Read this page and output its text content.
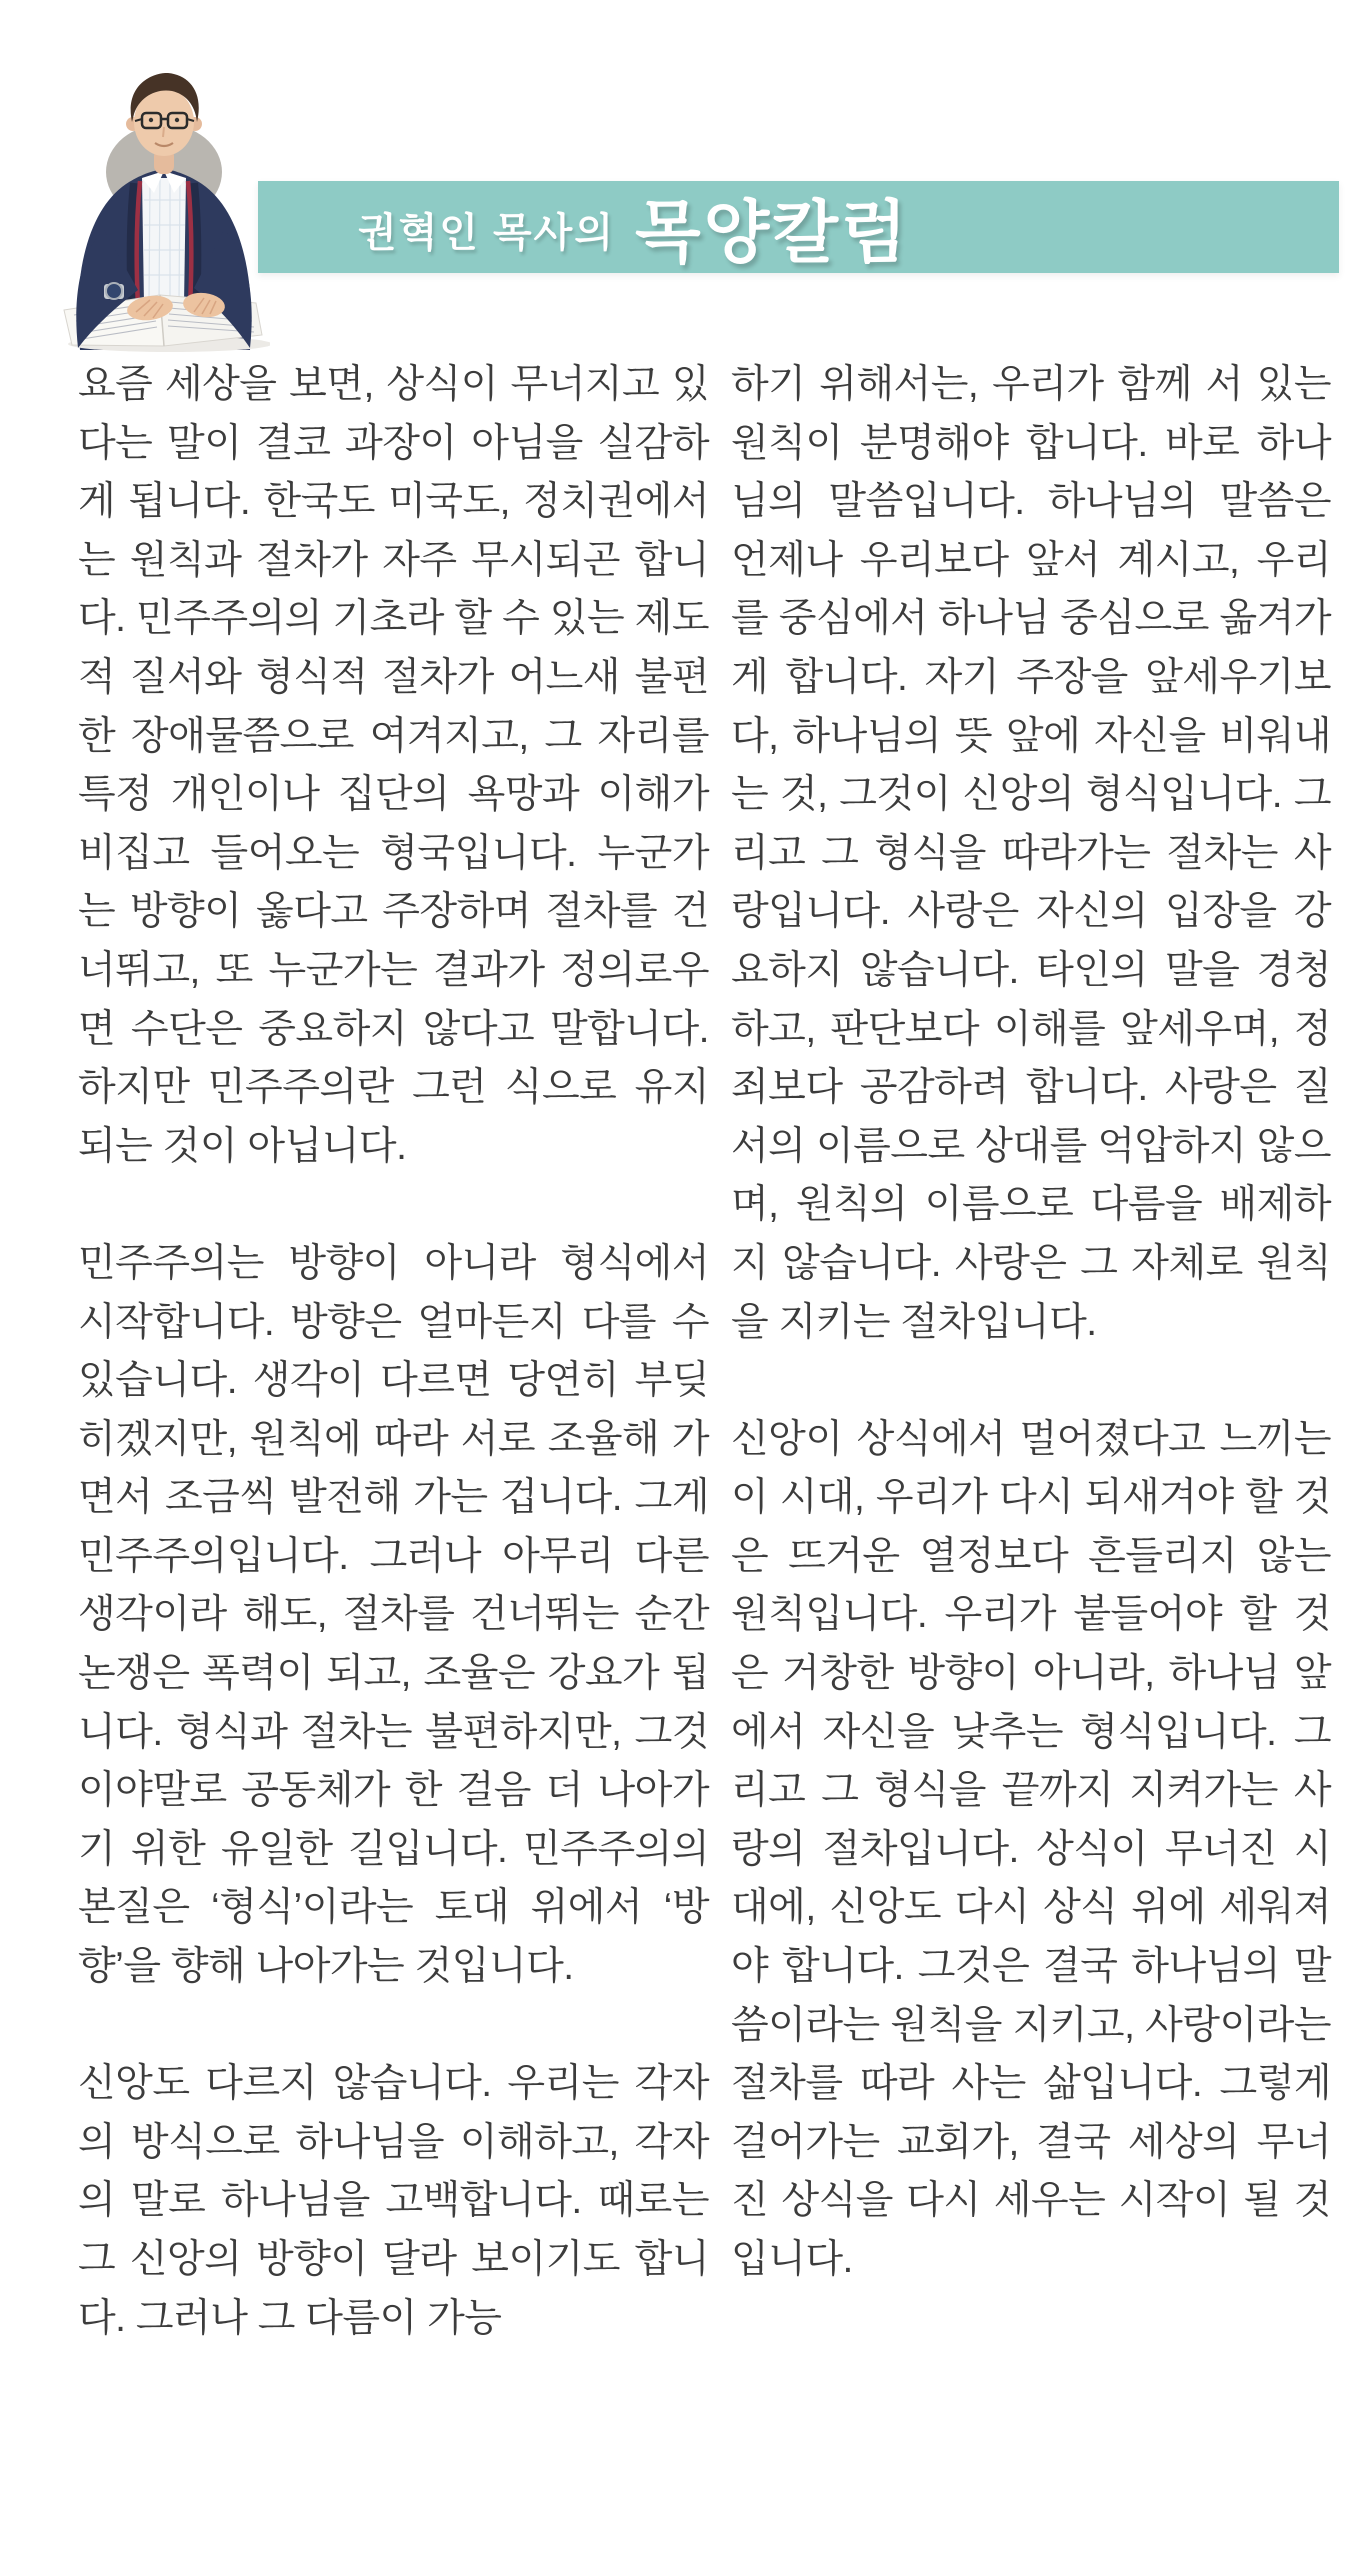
권혁인 목사의 목양칼럼

요즘 세상을 보면, 상식이 무너지고 있다는 말이 결코 과장이 아님을 실감하게 됩니다. 한국도 미국도, 정치권에서는 원칙과 절차가 자주 무시되곤 합니다. 민주주의의 기초라 할 수 있는 제도적 질서와 형식적 절차가 어느새 불편한 장애물쯤으로 여겨지고, 그 자리를 특정 개인이나 집단의 욕망과 이해가 비집고 들어오는 형국입니다. 누군가는 방향이 옳다고 주장하며 절차를 건너뛰고, 또 누군가는 결과가 정의로우면 수단은 중요하지 않다고 말합니다. 하지만 민주주의란 그런 식으로 유지되는 것이 아닙니다.

민주주의는 방향이 아니라 형식에서 시작합니다. 방향은 얼마든지 다를 수 있습니다. 생각이 다르면 당연히 부딪히겠지만, 원칙에 따라 서로 조율해 가면서 조금씩 발전해 가는 겁니다. 그게 민주주의입니다. 그러나 아무리 다른 생각이라 해도, 절차를 건너뛰는 순간 논쟁은 폭력이 되고, 조율은 강요가 됩니다. 형식과 절차는 불편하지만, 그것이야말로 공동체가 한 걸음 더 나아가기 위한 유일한 길입니다. 민주주의의 본질은 ‘형식’이라는 토대 위에서 ‘방향’을 향해 나아가는 것입니다.

신앙도 다르지 않습니다. 우리는 각자의 방식으로 하나님을 이해하고, 각자의 말로 하나님을 고백합니다. 때로는 그 신앙의 방향이 달라 보이기도 합니다. 그러나 그 다름이 가능

하기 위해서는, 우리가 함께 서 있는 원칙이 분명해야 합니다. 바로 하나님의 말씀입니다. 하나님의 말씀은 언제나 우리보다 앞서 계시고, 우리를 중심에서 하나님 중심으로 옮겨가게 합니다. 자기 주장을 앞세우기보다, 하나님의 뜻 앞에 자신을 비워내는 것, 그것이 신앙의 형식입니다. 그리고 그 형식을 따라가는 절차는 사랑입니다. 사랑은 자신의 입장을 강요하지 않습니다. 타인의 말을 경청하고, 판단보다 이해를 앞세우며, 정죄보다 공감하려 합니다. 사랑은 질서의 이름으로 상대를 억압하지 않으며, 원칙의 이름으로 다름을 배제하지 않습니다. 사랑은 그 자체로 원칙을 지키는 절차입니다.

신앙이 상식에서 멀어졌다고 느끼는 이 시대, 우리가 다시 되새겨야 할 것은 뜨거운 열정보다 흔들리지 않는 원칙입니다. 우리가 붙들어야 할 것은 거창한 방향이 아니라, 하나님 앞에서 자신을 낮추는 형식입니다. 그리고 그 형식을 끝까지 지켜가는 사랑의 절차입니다. 상식이 무너진 시대에, 신앙도 다시 상식 위에 세워져야 합니다. 그것은 결국 하나님의 말씀이라는 원칙을 지키고, 사랑이라는 절차를 따라 사는 삶입니다. 그렇게 걸어가는 교회가, 결국 세상의 무너진 상식을 다시 세우는 시작이 될 것입니다.
